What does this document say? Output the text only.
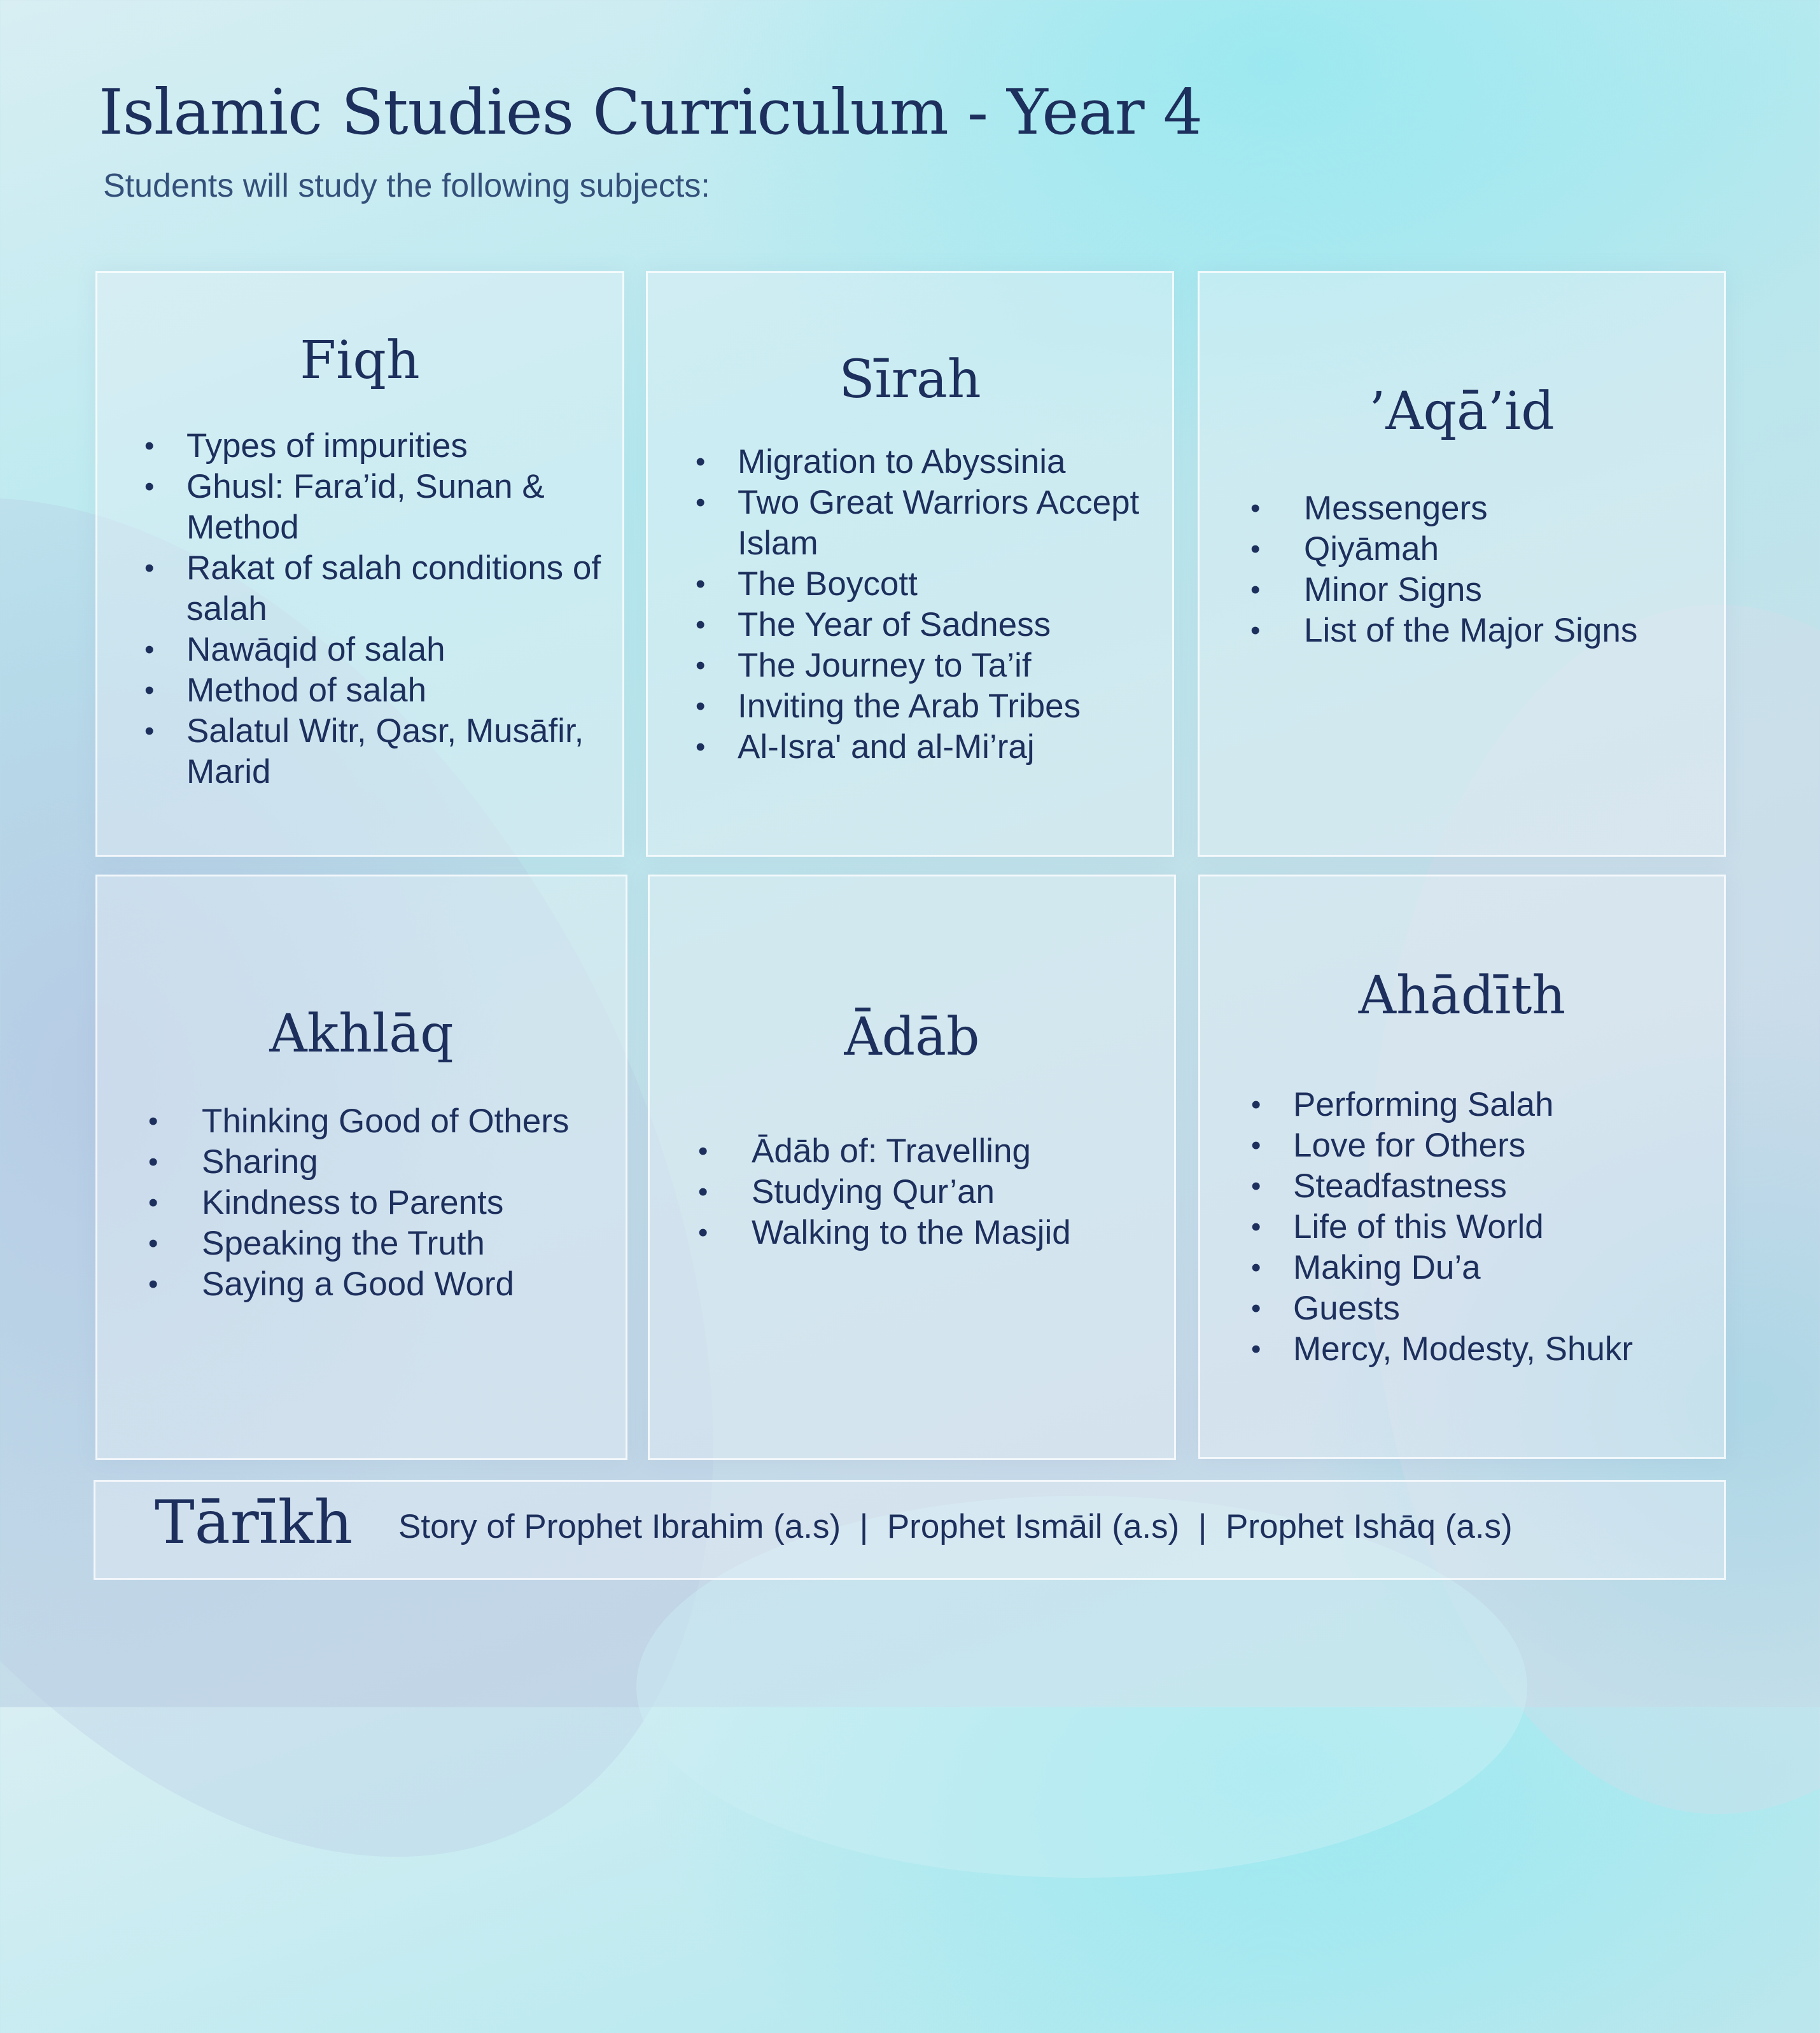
Islamic Studies Curriculum - Year 4

Students will study the following subjects:

Fiqh
• Types of impurities
• Ghusl: Fara’id, Sunan & Method
• Rakat of salah conditions of salah
• Nawāqid of salah
• Method of salah
• Salatul Witr, Qasr, Musāfir, Marid
Sīrah
• Migration to Abyssinia
• Two Great Warriors Accept Islam
• The Boycott
• The Year of Sadness
• The Journey to Ta’if
• Inviting the Arab Tribes
• Al-Isra' and al-Mi’raj
’Aqā’id
• Messengers
• Qiyāmah
• Minor Signs
• List of the Major Signs
Akhlāq
• Thinking Good of Others
• Sharing
• Kindness to Parents
• Speaking the Truth
• Saying a Good Word
Ādāb
• Ādāb of: Travelling
• Studying Qur’an
• Walking to the Masjid
Ahādīth
• Performing Salah
• Love for Others
• Steadfastness
• Life of this World
• Making Du’a
• Guests
• Mercy, Modesty, Shukr
Tārīkh Story of Prophet Ibrahim (a.s)  |  Prophet Ismāil (a.s)  |  Prophet Ishāq (a.s)
